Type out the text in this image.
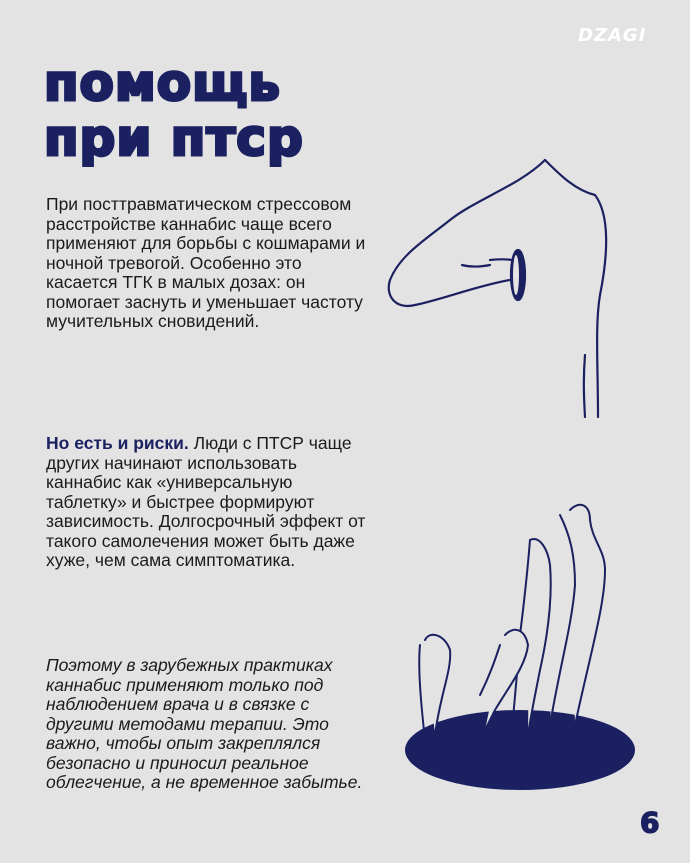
DZAGI
помощь
при птср

При посттравматическом стрессовом расстройстве каннабис чаще всего применяют для борьбы с кошмарами и ночной тревогой. Особенно это касается ТГК в малых дозах: он помогает заснуть и уменьшает частоту мучительных сновидений.

Но есть и риски. Люди с ПТСР чаще других начинают использовать каннабис как «универсальную таблетку» и быстрее формируют зависимость. Долгосрочный эффект от такого самолечения может быть даже хуже, чем сама симптоматика.

Поэтому в зарубежных практиках каннабис применяют только под наблюдением врача и в связке с другими методами терапии. Это важно, чтобы опыт закреплялся безопасно и приносил реальное облегчение, а не временное забытье.

6
